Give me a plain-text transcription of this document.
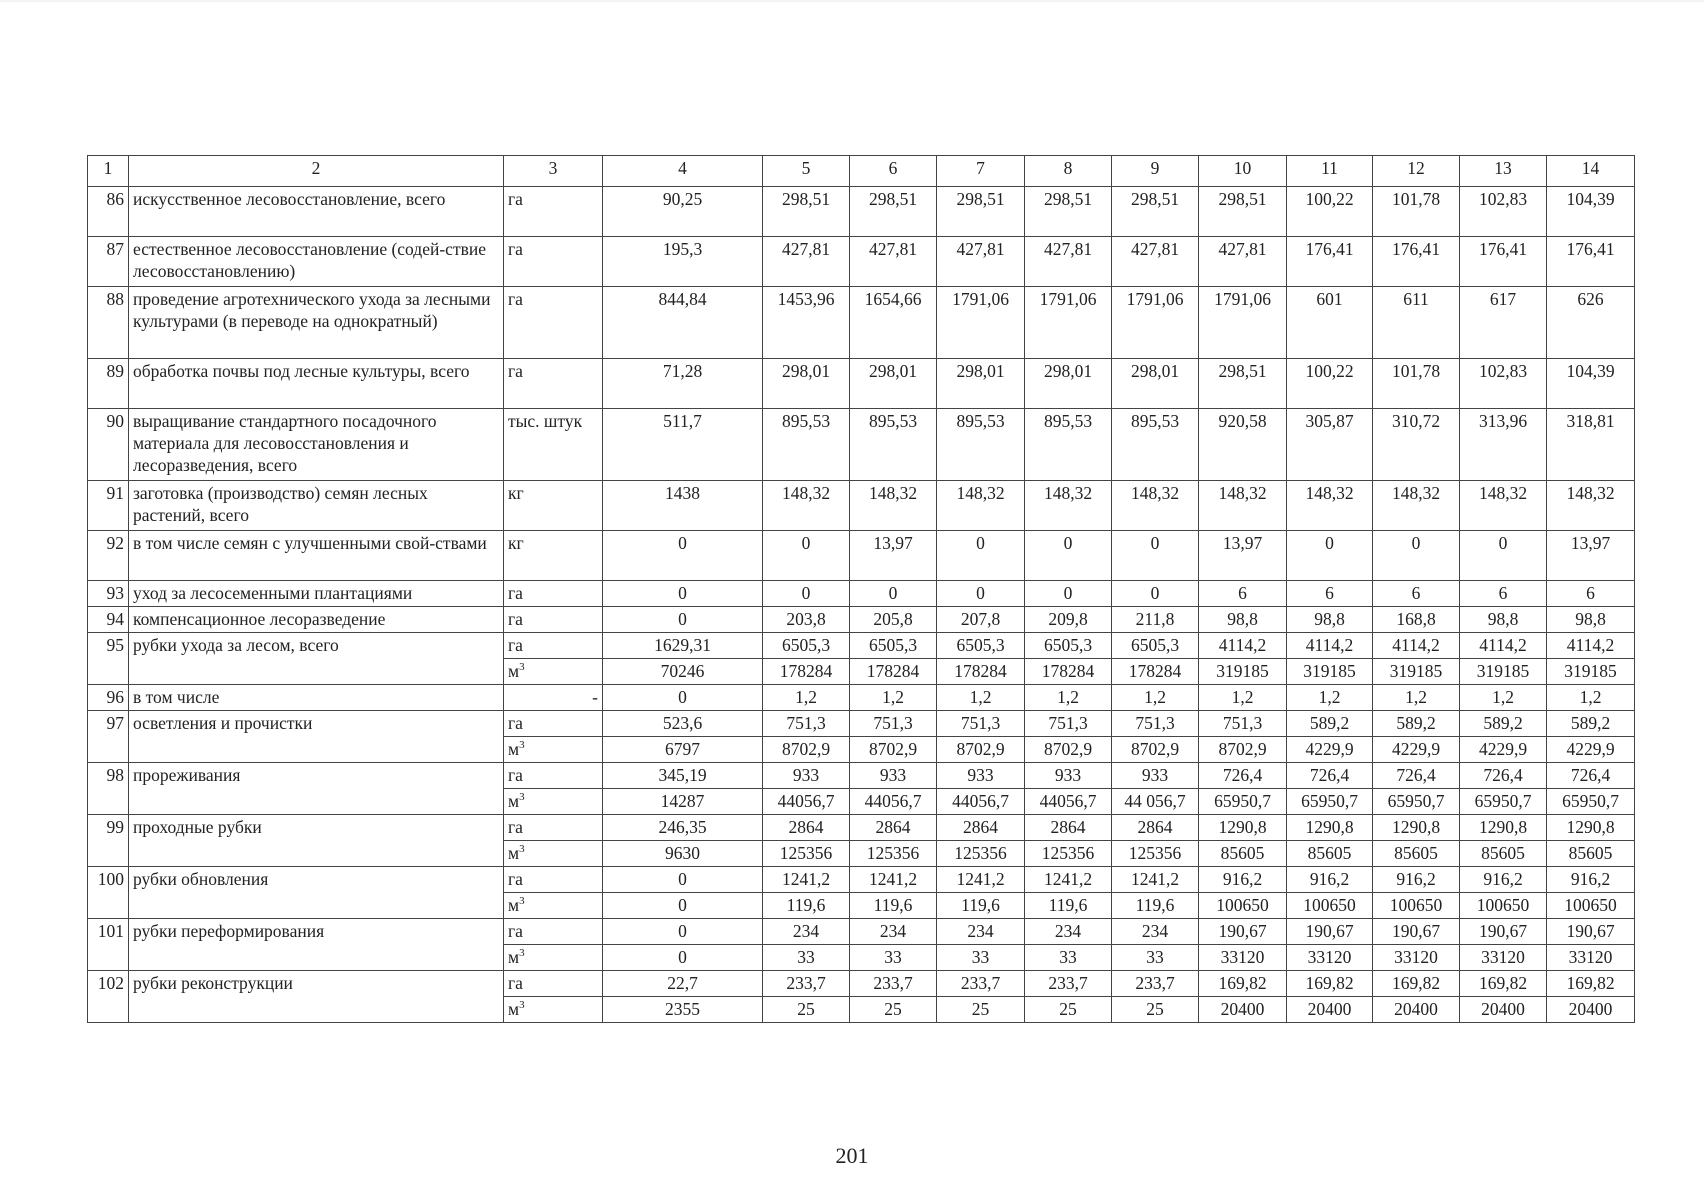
1	2	3	4	5	6	7	8	9	10	11	12	13	14
86	искусственное лесовосстановление, всего	га	90,25	298,51	298,51	298,51	298,51	298,51	298,51	100,22	101,78	102,83	104,39
87	естественное лесовосстановление (содей-ствие лесовосстановлению)	га	195,3	427,81	427,81	427,81	427,81	427,81	427,81	176,41	176,41	176,41	176,41
88	проведение агротехнического ухода за лесными культурами (в переводе на однократный)	га	844,84	1453,96	1654,66	1791,06	1791,06	1791,06	1791,06	601	611	617	626
89	обработка почвы под лесные культуры, всего	га	71,28	298,01	298,01	298,01	298,01	298,01	298,51	100,22	101,78	102,83	104,39
90	выращивание стандартного посадочного материала для лесовосстановления и лесоразведения, всего	тыс. штук	511,7	895,53	895,53	895,53	895,53	895,53	920,58	305,87	310,72	313,96	318,81
91	заготовка (производство) семян лесных растений, всего	кг	1438	148,32	148,32	148,32	148,32	148,32	148,32	148,32	148,32	148,32	148,32
92	в том числе семян с улучшенными свой-ствами	кг	0	0	13,97	0	0	0	13,97	0	0	0	13,97
93	уход за лесосеменными плантациями	га	0	0	0	0	0	0	6	6	6	6	6
94	компенсационное лесоразведение	га	0	203,8	205,8	207,8	209,8	211,8	98,8	98,8	168,8	98,8	98,8
95	рубки ухода за лесом, всего	га	1629,31	6505,3	6505,3	6505,3	6505,3	6505,3	4114,2	4114,2	4114,2	4114,2	4114,2
		$м^3$	70246	178284	178284	178284	178284	178284	319185	319185	319185	319185	319185
96	в том числе	-	0	1,2	1,2	1,2	1,2	1,2	1,2	1,2	1,2	1,2	1,2
97	осветления и прочистки	га	523,6	751,3	751,3	751,3	751,3	751,3	751,3	589,2	589,2	589,2	589,2
		$м^3$	6797	8702,9	8702,9	8702,9	8702,9	8702,9	8702,9	4229,9	4229,9	4229,9	4229,9
98	прореживания	га	345,19	933	933	933	933	933	726,4	726,4	726,4	726,4	726,4
		$м^3$	14287	44056,7	44056,7	44056,7	44056,7	44 056,7	65950,7	65950,7	65950,7	65950,7	65950,7
99	проходные рубки	га	246,35	2864	2864	2864	2864	2864	1290,8	1290,8	1290,8	1290,8	1290,8
		$м^3$	9630	125356	125356	125356	125356	125356	85605	85605	85605	85605	85605
100	рубки обновления	га	0	1241,2	1241,2	1241,2	1241,2	1241,2	916,2	916,2	916,2	916,2	916,2
		$м^3$	0	119,6	119,6	119,6	119,6	119,6	100650	100650	100650	100650	100650
101	рубки переформирования	га	0	234	234	234	234	234	190,67	190,67	190,67	190,67	190,67
		$м^3$	0	33	33	33	33	33	33120	33120	33120	33120	33120
102	рубки реконструкции	га	22,7	233,7	233,7	233,7	233,7	233,7	169,82	169,82	169,82	169,82	169,82
		$м^3$	2355	25	25	25	25	25	20400	20400	20400	20400	20400
201
